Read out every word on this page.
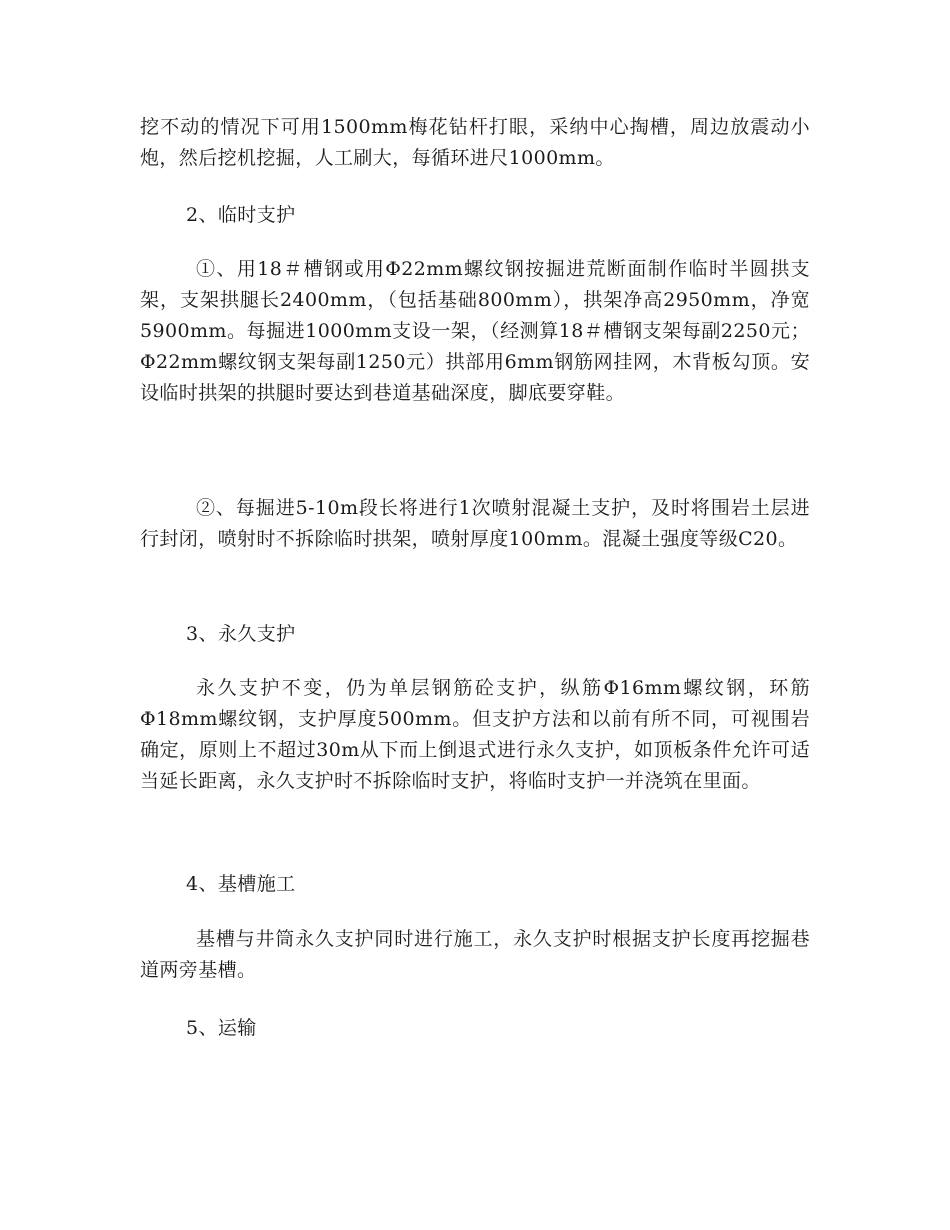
挖不动的情况下可用1500mm梅花钻杆打眼，采纳中心掏槽，周边放震动小炮，然后挖机挖掘，人工刷大，每循环进尺1000mm。

2、临时支护

①、用18＃槽钢或用Φ22mm螺纹钢按掘进荒断面制作临时半圆拱支架，支架拱腿长2400mm，（包括基础800mm），拱架净高2950mm，净宽5900mm。每掘进1000mm支设一架，（经测算18＃槽钢支架每副2250元；Φ22mm螺纹钢支架每副1250元）拱部用6mm钢筋网挂网，木背板勾顶。安设临时拱架的拱腿时要达到巷道基础深度，脚底要穿鞋。

②、每掘进5-10m段长将进行1次喷射混凝土支护，及时将围岩土层进行封闭，喷射时不拆除临时拱架，喷射厚度100mm。混凝土强度等级C20。

3、永久支护

永久支护不变，仍为单层钢筋砼支护，纵筋Φ16mm螺纹钢，环筋Φ18mm螺纹钢，支护厚度500mm。但支护方法和以前有所不同，可视围岩确定，原则上不超过30m从下而上倒退式进行永久支护，如顶板条件允许可适当延长距离，永久支护时不拆除临时支护，将临时支护一并浇筑在里面。

4、基槽施工

基槽与井筒永久支护同时进行施工，永久支护时根据支护长度再挖掘巷道两旁基槽。

5、运输
